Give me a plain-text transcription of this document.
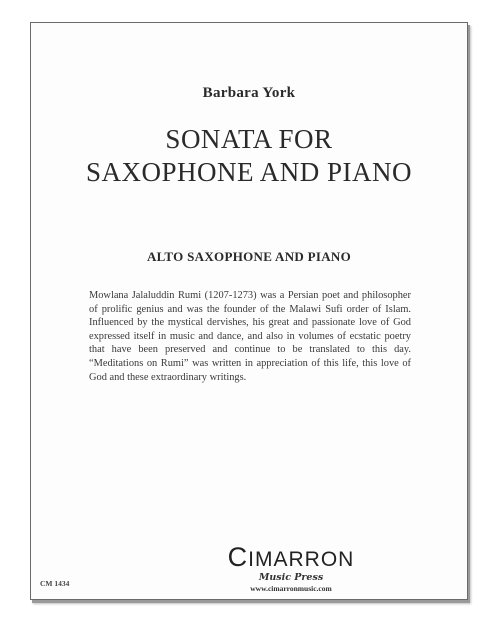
Barbara York
SONATA FOR
SAXOPHONE AND PIANO
ALTO SAXOPHONE AND PIANO
Mowlana Jalaluddin Rumi (1207-1273) was a Persian poet and philosopher of prolific genius and was the founder of the Malawi Sufi order of Islam. Influenced by the mystical dervishes, his great and passionate love of God expressed itself in music and dance, and also in volumes of ecstatic poetry that have been preserved and continue to be translated to this day. “Meditations on Rumi” was written in appreciation of this life, this love of God and these extraordinary writings.
CIMARRON
Music Press
www.cimarronmusic.com
CM 1434
